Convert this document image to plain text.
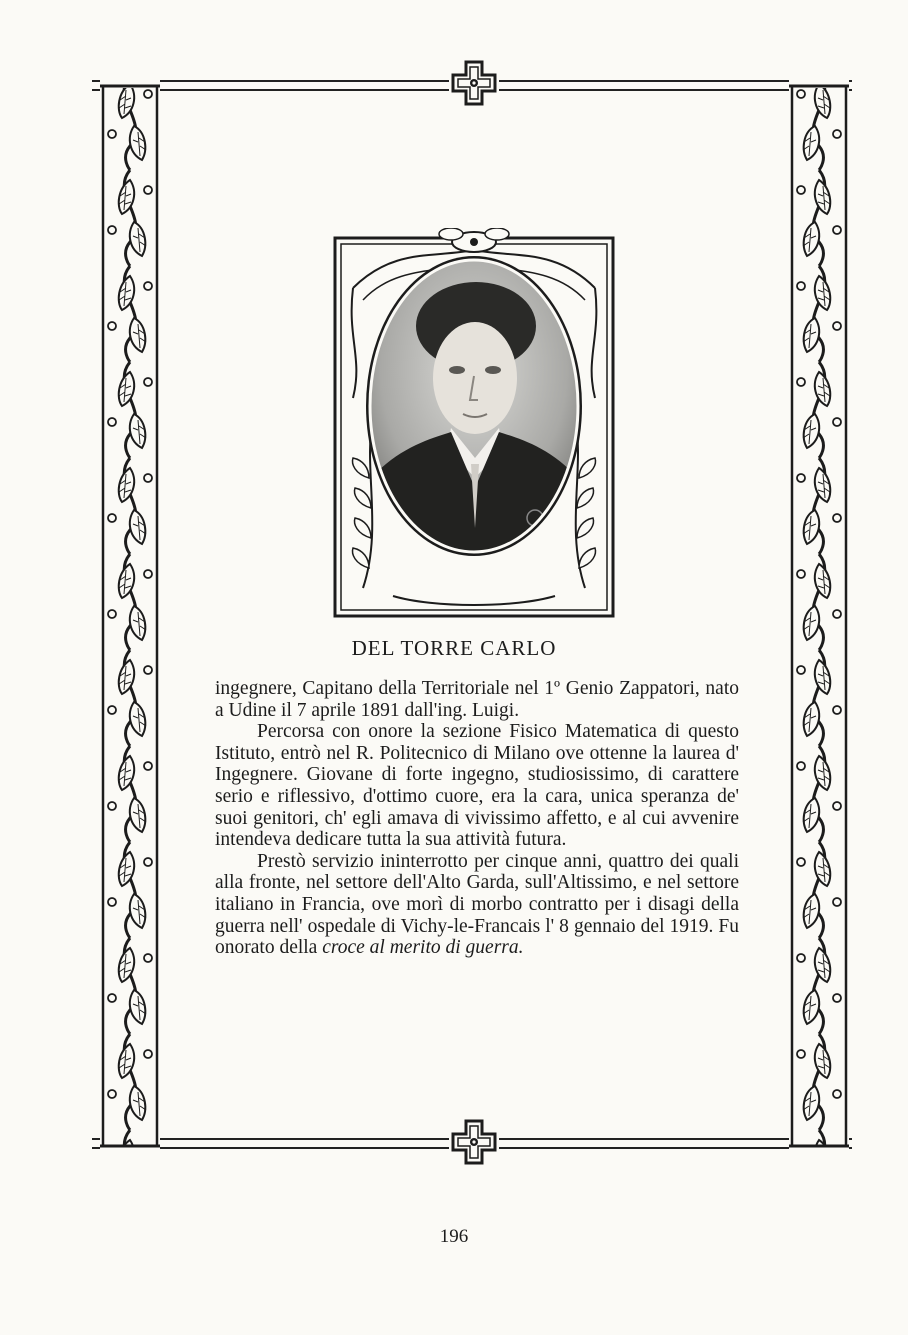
DEL TORRE CARLO

ingegnere, Capitano della Territoriale nel 1º Genio Zappatori, nato a Udine il 7 aprile 1891 dall'ing. Luigi.

Percorsa con onore la sezione Fisico Matematica di questo Istituto, entrò nel R. Politecnico di Milano ove ottenne la laurea d' Ingegnere. Giovane di forte ingegno, studiosissimo, di carattere serio e riflessivo, d'ottimo cuore, era la cara, unica speranza de' suoi genitori, ch' egli amava di vivissimo affetto, e al cui avvenire intendeva dedicare tutta la sua attività futura.

Prestò servizio ininterrotto per cinque anni, quattro dei quali alla fronte, nel settore dell'Alto Garda, sull'Altissimo, e nel settore italiano in Francia, ove morì di morbo contratto per i disagi della guerra nell' ospedale di Vichy-le-Francais l' 8 gennaio del 1919. Fu onorato della croce al merito di guerra.

196
